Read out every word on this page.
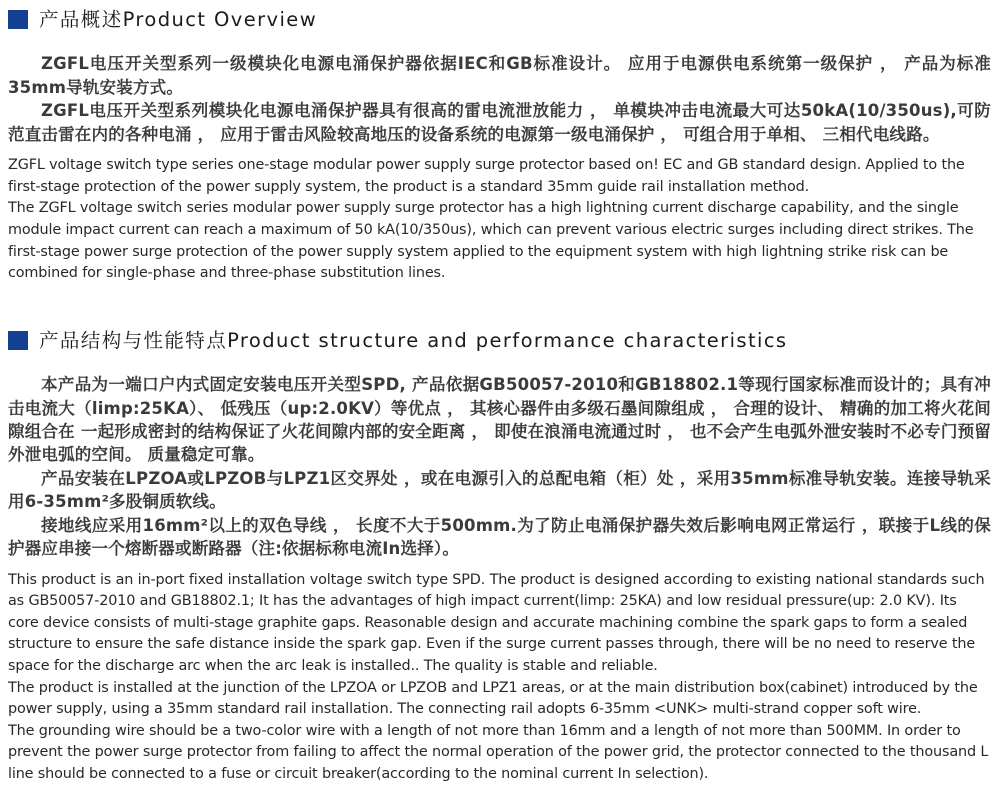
产品概述Product Overview

ZGFL电压开关型系列一级模块化电源电涌保护器依据IEC和GB标准设计。 应用于电源供电系统第一级保护 ， 产品为标准35mm导轨安装方式。

ZGFL电压开关型系列模块化电源电涌保护器具有很高的雷电流泄放能力 ， 单模块冲击电流最大可达50kA(10/350us),可防范直击雷在内的各种电涌 ， 应用于雷击风险较高地压的设备系统的电源第一级电涌保护 ， 可组合用于单相、 三相代电线路。

ZGFL voltage switch type series one-stage modular power supply surge protector based on! EC and GB standard design. Applied to the first-stage protection of the power supply system, the product is a standard 35mm guide rail installation method.

The ZGFL voltage switch series modular power supply surge protector has a high lightning current discharge capability, and the single module impact current can reach a maximum of 50 kA(10/350us), which can prevent various electric surges including direct strikes. The first-stage power surge protection of the power supply system applied to the equipment system with high lightning strike risk can be combined for single-phase and three-phase substitution lines.

产品结构与性能特点Product structure and performance characteristics

本产品为一端口户内式固定安装电压开关型SPD, 产品依据GB50057-2010和GB18802.1等现行国家标准而设计的；具有冲击电流大（limp:25KA）、 低残压（up:2.0KV）等优点 ， 其核心器件由多级石墨间隙组成 ， 合理的设计、 精确的加工将火花间隙组合在 一起形成密封的结构保证了火花间隙内部的安全距离 ， 即使在浪涌电流通过时 ， 也不会产生电弧外泄安装时不必专门预留外泄电弧的空间。 质量稳定可靠。

产品安装在LPZOA或LPZOB与LPZ1区交界处 ，或在电源引入的总配电箱（柜）处 ，采用35mm标准导轨安装。连接导轨采用6-35mm²多股铜质软线。

接地线应采用16mm²以上的双色导线 ， 长度不大于500mm.为了防止电涌保护器失效后影响电网正常运行 ，联接于L线的保护器应串接一个熔断器或断路器（注:依据标称电流In选择）。

This product is an in-port fixed installation voltage switch type SPD. The product is designed according to existing national standards such as GB50057-2010 and GB18802.1; It has the advantages of high impact current(limp: 25KA) and low residual pressure(up: 2.0 KV). Its core device consists of multi-stage graphite gaps. Reasonable design and accurate machining combine the spark gaps to form a sealed structure to ensure the safe distance inside the spark gap. Even if the surge current passes through, there will be no need to reserve the space for the discharge arc when the arc leak is installed.. The quality is stable and reliable.

The product is installed at the junction of the LPZOA or LPZOB and LPZ1 areas, or at the main distribution box(cabinet) introduced by the power supply, using a 35mm standard rail installation. The connecting rail adopts 6-35mm <UNK> multi-strand copper soft wire.

The grounding wire should be a two-color wire with a length of not more than 16mm and a length of not more than 500MM. In order to prevent the power surge protector from failing to affect the normal operation of the power grid, the protector connected to the thousand L line should be connected to a fuse or circuit breaker(according to the nominal current In selection).
